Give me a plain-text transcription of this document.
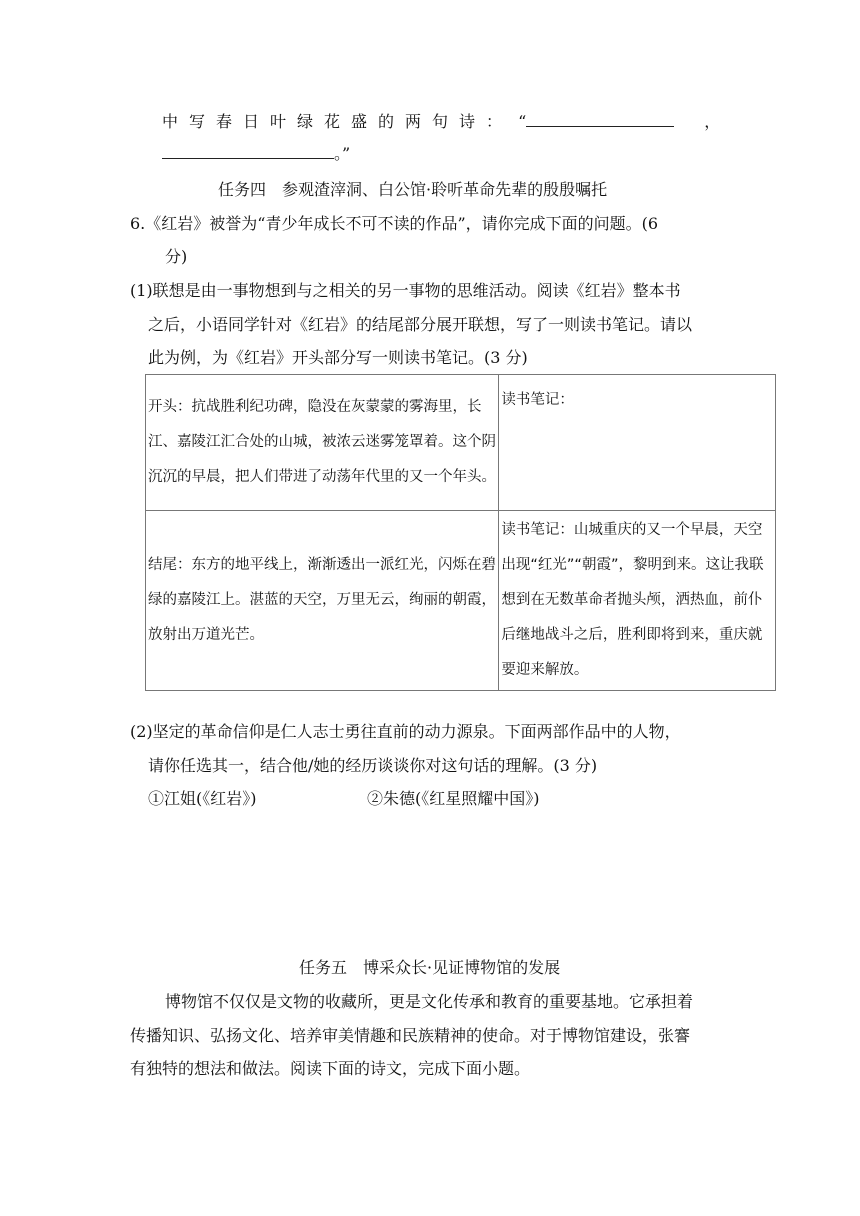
中写春日叶绿花盛的两句诗： “	，
。”
任务四　参观渣滓洞、白公馆·聆听革命先辈的殷殷嘱托
6.《红岩》被誉为“青少年成长不可不读的作品”，请你完成下面的问题。(6
分)
(1)联想是由一事物想到与之相关的另一事物的思维活动。阅读《红岩》整本书
之后，小语同学针对《红岩》的结尾部分展开联想，写了一则读书笔记。请以
此为例，为《红岩》开头部分写一则读书笔记。(3 分)
开头：抗战胜利纪功碑，隐没在灰蒙蒙的雾海里，长江、嘉陵江汇合处的山城，被浓云迷雾笼罩着。这个阴沉沉的早晨，把人们带进了动荡年代里的又一个年头。	读书笔记：

结尾：东方的地平线上，渐渐透出一派红光，闪烁在碧绿的嘉陵江上。湛蓝的天空，万里无云，绚丽的朝霞，放射出万道光芒。	读书笔记：山城重庆的又一个早晨，天空出现“红光”“朝霞”，黎明到来。这让我联想到在无数革命者抛头颅，洒热血，前仆后继地战斗之后，胜利即将到来，重庆就要迎来解放。
(2)坚定的革命信仰是仁人志士勇往直前的动力源泉。下面两部作品中的人物，
请你任选其一，结合他/她的经历谈谈你对这句话的理解。(3 分)
①江姐(《红岩》)	②朱德(《红星照耀中国》)
任务五　博采众长·见证博物馆的发展
博物馆不仅仅是文物的收藏所，更是文化传承和教育的重要基地。它承担着
传播知识、弘扬文化、培养审美情趣和民族精神的使命。对于博物馆建设，张謇
有独特的想法和做法。阅读下面的诗文，完成下面小题。
